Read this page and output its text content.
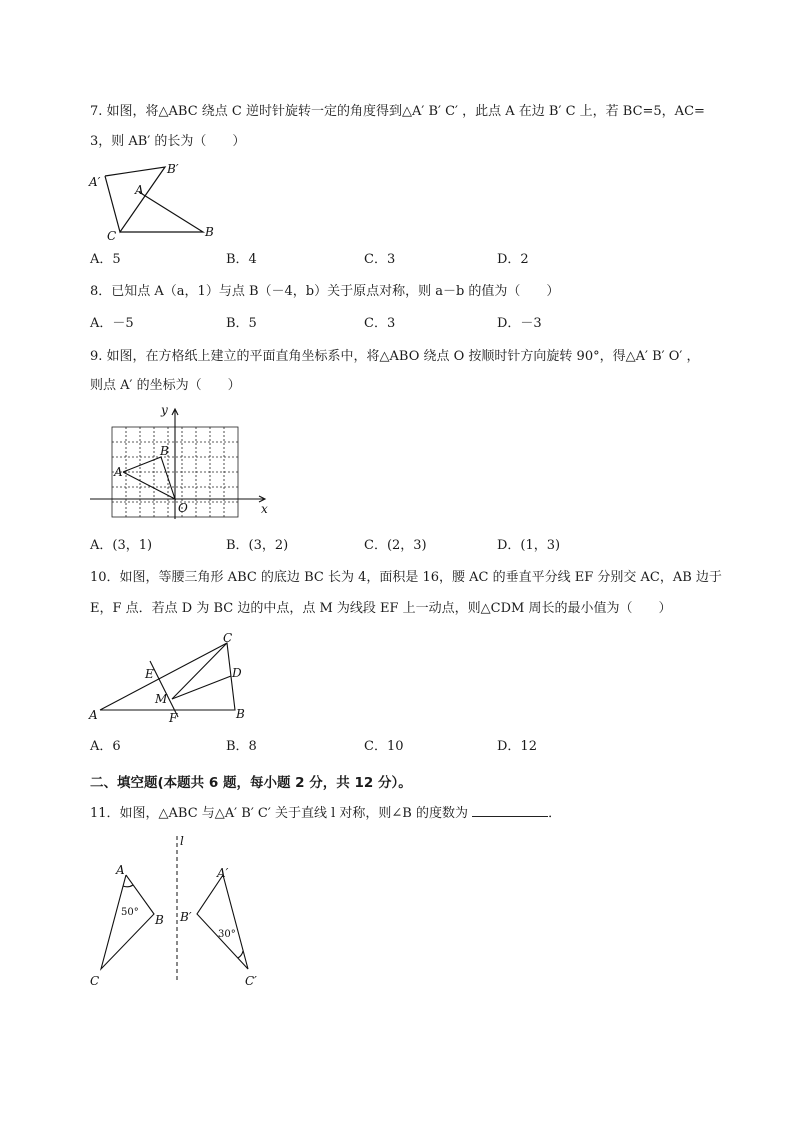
7. 如图，将△ABC 绕点 C 逆时针旋转一定的角度得到△A′ B′ C′ ，此点 A 在边 B′ C 上，若 BC=5，AC=
3，则 AB′ 的长为（　　）
A′
B′
A
C	B
A．5	B．4	C．3	D．2
8．已知点 A（a，1）与点 B（－4，b）关于原点对称，则 a－b 的值为（　　）
A．－5	B．5	C．3	D．－3
9. 如图，在方格纸上建立的平面直角坐标系中，将△ABO 绕点 O 按顺时针方向旋转 90°，得△A′ B′ O′ ，
则点 A′ 的坐标为（　　）
y
x
O
A
B
A．(3，1)	B．(3，2)	C．(2，3)	D．(1，3)
10．如图，等腰三角形 ABC 的底边 BC 长为 4，面积是 16，腰 AC 的垂直平分线 EF 分别交 AC，AB 边于
E，F 点．若点 D 为 BC 边的中点，点 M 为线段 EF 上一动点，则△CDM 周长的最小值为（　　）
C
E	D
M
A	F	B
A．6	B．8	C．10	D．12
二、填空题(本题共 6 题，每小题 2 分，共 12 分）。
11．如图，△ABC 与△A′ B′ C′ 关于直线 l 对称，则∠B 的度数为	．
l
A
B
C
A′
B′
C′
50°
30°
